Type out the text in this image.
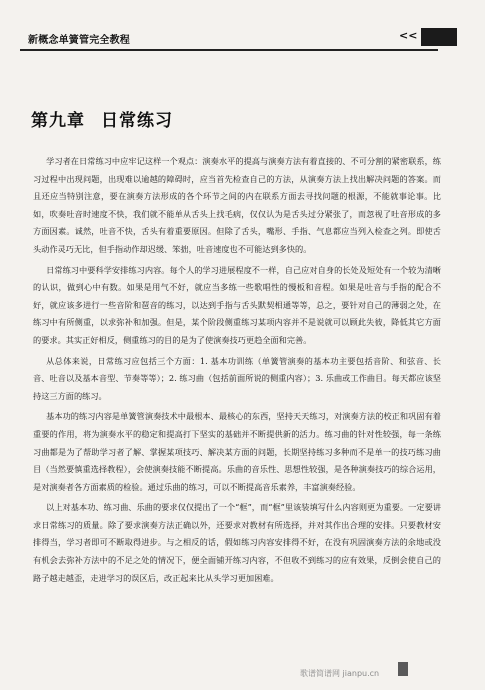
新概念单簧管完全教程	<<
第九章 日常练习

学习者在日常练习中应牢记这样一个观点：演奏水平的提高与演奏方法有着直接的、不可分割的紧密联系，练习过程中出现问题，出现难以逾越的障碍时，应当首先检查自己的方法，从演奏方法上找出解决问题的答案。而且还应当特别注意，要在演奏方法形成的各个环节之间的内在联系方面去寻找问题的根源，不能就事论事。比如，吹奏吐音时速度不快，我们就不能单从舌头上找毛病，仅仅认为是舌头过分紧张了，而忽视了吐音形成的多方面因素。诚然，吐音不快，舌头有着重要原因。但除了舌头，嘴形、手指、气息都应当列入检查之列。即使舌头动作灵巧无比，但手指动作却迟缓、笨拙，吐音速度也不可能达到多快的。

日常练习中要科学安排练习内容。每个人的学习进展程度不一样，自己应对自身的长处及短处有一个较为清晰的认识，做到心中有数。如果是用气不好，就应当多练一些歌唱性的慢板和音程。如果是吐音与手指的配合不好，就应该多进行一些音阶和琶音的练习，以达到手指与舌头默契相通等等，总之，要针对自己的薄弱之处，在练习中有所侧重，以求弥补和加强。但是，某个阶段侧重练习某项内容并不是说就可以顾此失彼，降低其它方面的要求。其实正好相反，侧重练习的目的是为了使演奏技巧更趋全面和完善。

从总体来说，日常练习应包括三个方面：1. 基本功训练（单簧管演奏的基本功主要包括音阶、和弦音、长音、吐音以及基本音型、节奏等等）；2. 练习曲（包括前面所说的侧重内容）；3. 乐曲或工作曲目。每天都应该坚持这三方面的练习。

基本功的练习内容是单簧管演奏技术中最根本、最核心的东西，坚持天天练习，对演奏方法的校正和巩固有着重要的作用，将为演奏水平的稳定和提高打下坚实的基础并不断提供新的活力。练习曲的针对性较强，每一条练习曲都是为了帮助学习者了解、掌握某项技巧、解决某方面的问题，长期坚持练习多种而不是单一的技巧练习曲目（当然要慎重选择教程），会使演奏技能不断提高。乐曲的音乐性、思想性较强，是各种演奏技巧的综合运用，是对演奏者各方面素质的检验。通过乐曲的练习，可以不断提高音乐素养，丰富演奏经验。

以上对基本功、练习曲、乐曲的要求仅仅提出了一个“框”，而“框”里该装填写什么内容则更为重要。一定要讲求日常练习的质量。除了要求演奏方法正确以外，还要求对教材有所选择，并对其作出合理的安排。只要教材安排得当，学习者即可不断取得进步。与之相反的话，假如练习内容安排得不好，在没有巩固演奏方法的余地或没有机会去弥补方法中的不足之处的情况下，便全面铺开练习内容，不但收不到练习的应有效果，反倒会使自己的路子越走越歪，走进学习的误区后，改正起来比从头学习更加困难。

歌谱简谱网 jianpu.cn
